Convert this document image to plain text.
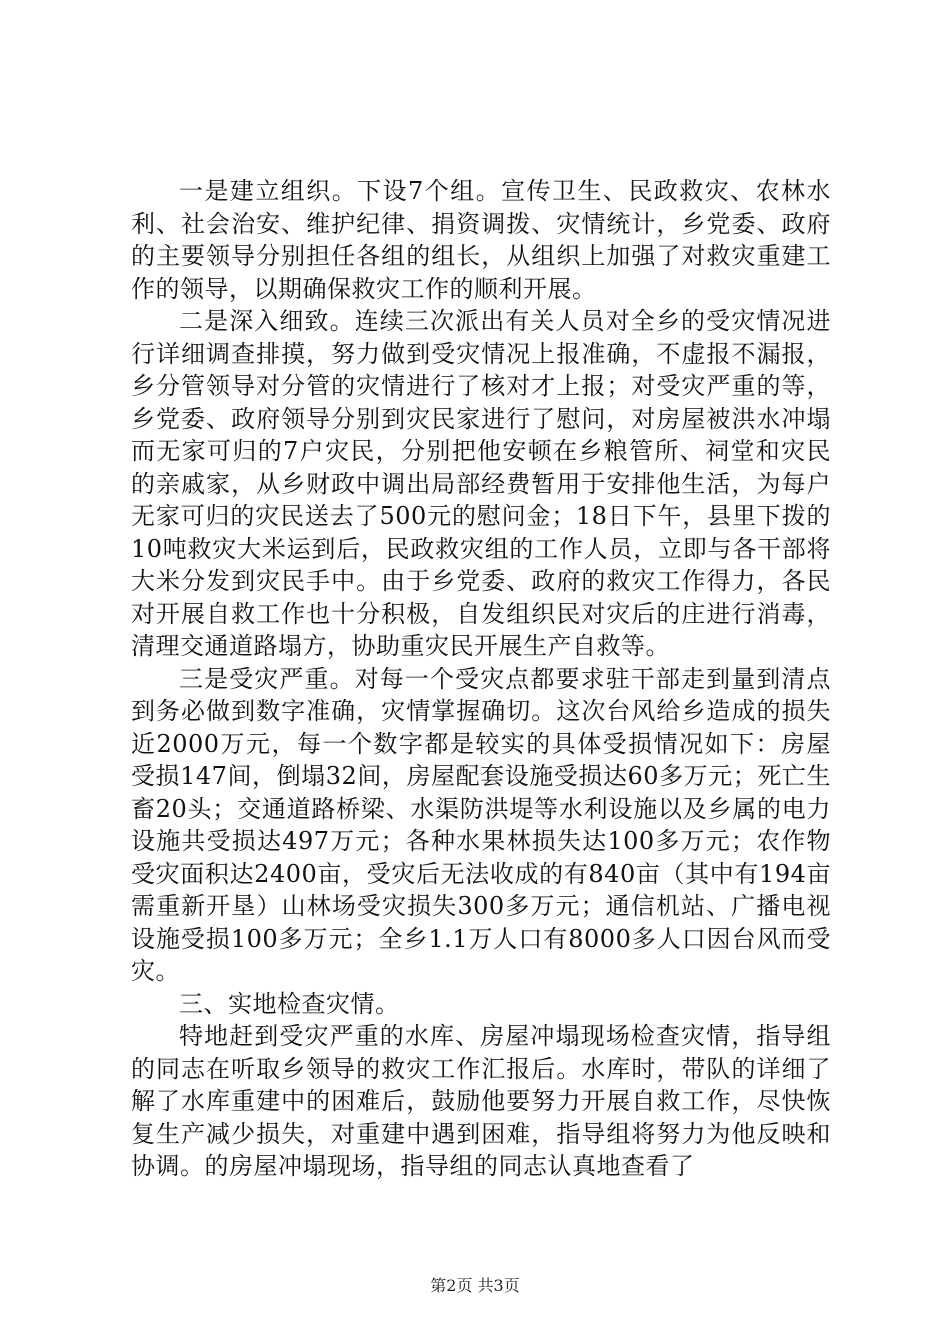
一是建立组织。下设7个组。宣传卫生、民政救灾、农林水利、社会治安、维护纪律、捐资调拨、灾情统计，乡党委、政府的主要领导分别担任各组的组长，从组织上加强了对救灾重建工作的领导，以期确保救灾工作的顺利开展。

二是深入细致。连续三次派出有关人员对全乡的受灾情况进行详细调查排摸，努力做到受灾情况上报准确，不虚报不漏报，乡分管领导对分管的灾情进行了核对才上报；对受灾严重的等，乡党委、政府领导分别到灾民家进行了慰问，对房屋被洪水冲塌而无家可归的7户灾民，分别把他安顿在乡粮管所、祠堂和灾民的亲戚家，从乡财政中调出局部经费暂用于安排他生活，为每户无家可归的灾民送去了500元的慰问金；18日下午，县里下拨的10吨救灾大米运到后，民政救灾组的工作人员，立即与各干部将大米分发到灾民手中。由于乡党委、政府的救灾工作得力，各民对开展自救工作也十分积极，自发组织民对灾后的庄进行消毒，清理交通道路塌方，协助重灾民开展生产自救等。

三是受灾严重。对每一个受灾点都要求驻干部走到量到清点到务必做到数字准确，灾情掌握确切。这次台风给乡造成的损失近2000万元，每一个数字都是较实的具体受损情况如下：房屋受损147间，倒塌32间，房屋配套设施受损达60多万元；死亡生畜20头；交通道路桥梁、水渠防洪堤等水利设施以及乡属的电力设施共受损达497万元；各种水果林损失达100多万元；农作物受灾面积达2400亩，受灾后无法收成的有840亩（其中有194亩需重新开垦）山林场受灾损失300多万元；通信机站、广播电视设施受损100多万元；全乡1.1万人口有8000多人口因台风而受灾。

三、实地检查灾情。

特地赶到受灾严重的水库、房屋冲塌现场检查灾情，指导组的同志在听取乡领导的救灾工作汇报后。水库时，带队的详细了解了水库重建中的困难后，鼓励他要努力开展自救工作，尽快恢复生产减少损失，对重建中遇到困难，指导组将努力为他反映和协调。的房屋冲塌现场，指导组的同志认真地查看了

第2页 共3页
